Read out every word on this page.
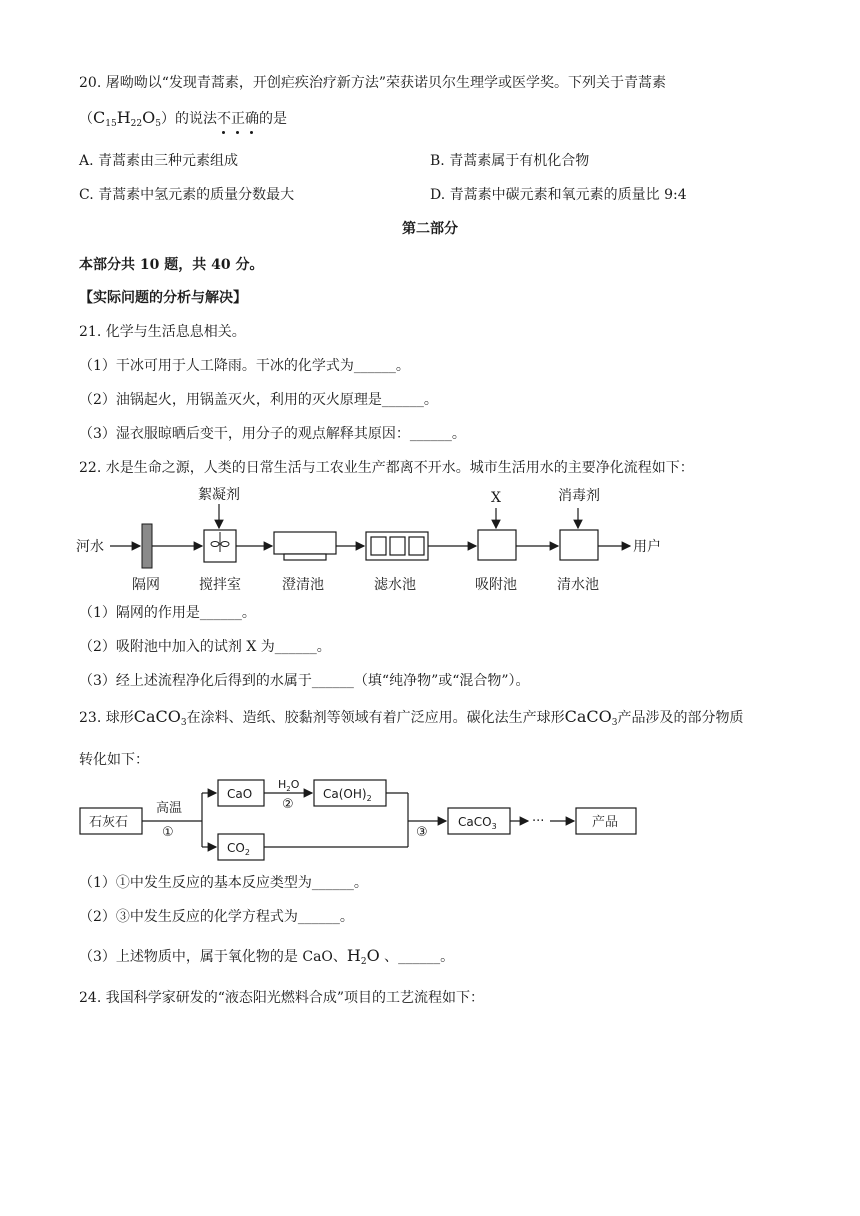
20. 屠呦呦以“发现青蒿素，开创疟疾治疗新方法”荣获诺贝尔生理学或医学奖。下列关于青蒿素
$(C_{15}H_{22}O_5)$的说法不正确的是
A. 青蒿素由三种元素组成	B. 青蒿素属于有机化合物
C. 青蒿素中氢元素的质量分数最大	D. 青蒿素中碳元素和氧元素的质量比 9:4
第二部分
本部分共 10 题，共 40 分。
【实际问题的分析与解决】
21. 化学与生活息息相关。
（1）干冰可用于人工降雨。干冰的化学式为______。
（2）油锅起火，用锅盖灭火，利用的灭火原理是______。
（3）湿衣服晾晒后变干，用分子的观点解释其原因：______。
22. 水是生命之源，人类的日常生活与工农业生产都离不开水。城市生活用水的主要净化流程如下：
河水
絮凝剂	X	消毒剂
用户
隔网	搅拌室	澄清池	滤水池	吸附池	清水池
（1）隔网的作用是______。
（2）吸附池中加入的试剂 X 为______。
（3）经上述流程净化后得到的水属于______（填“纯净物”或“混合物”）。
23. 球形CaCO$_3$在涂料、造纸、胶黏剂等领域有着广泛应用。碳化法生产球形CaCO$_3$产品涉及的部分物质
转化如下：
石灰石
高温
①
CaO
$H_2O$
②
$Ca(OH)_2$
$CO_2$
③
CaCO$_3$	···	产品
（1）①中发生反应的基本反应类型为______。
（2）③中发生反应的化学方程式为______。
（3）上述物质中，属于氧化物的是 CaO、$H_2O$ 、______。
24. 我国科学家研发的“液态阳光燃料合成”项目的工艺流程如下：
